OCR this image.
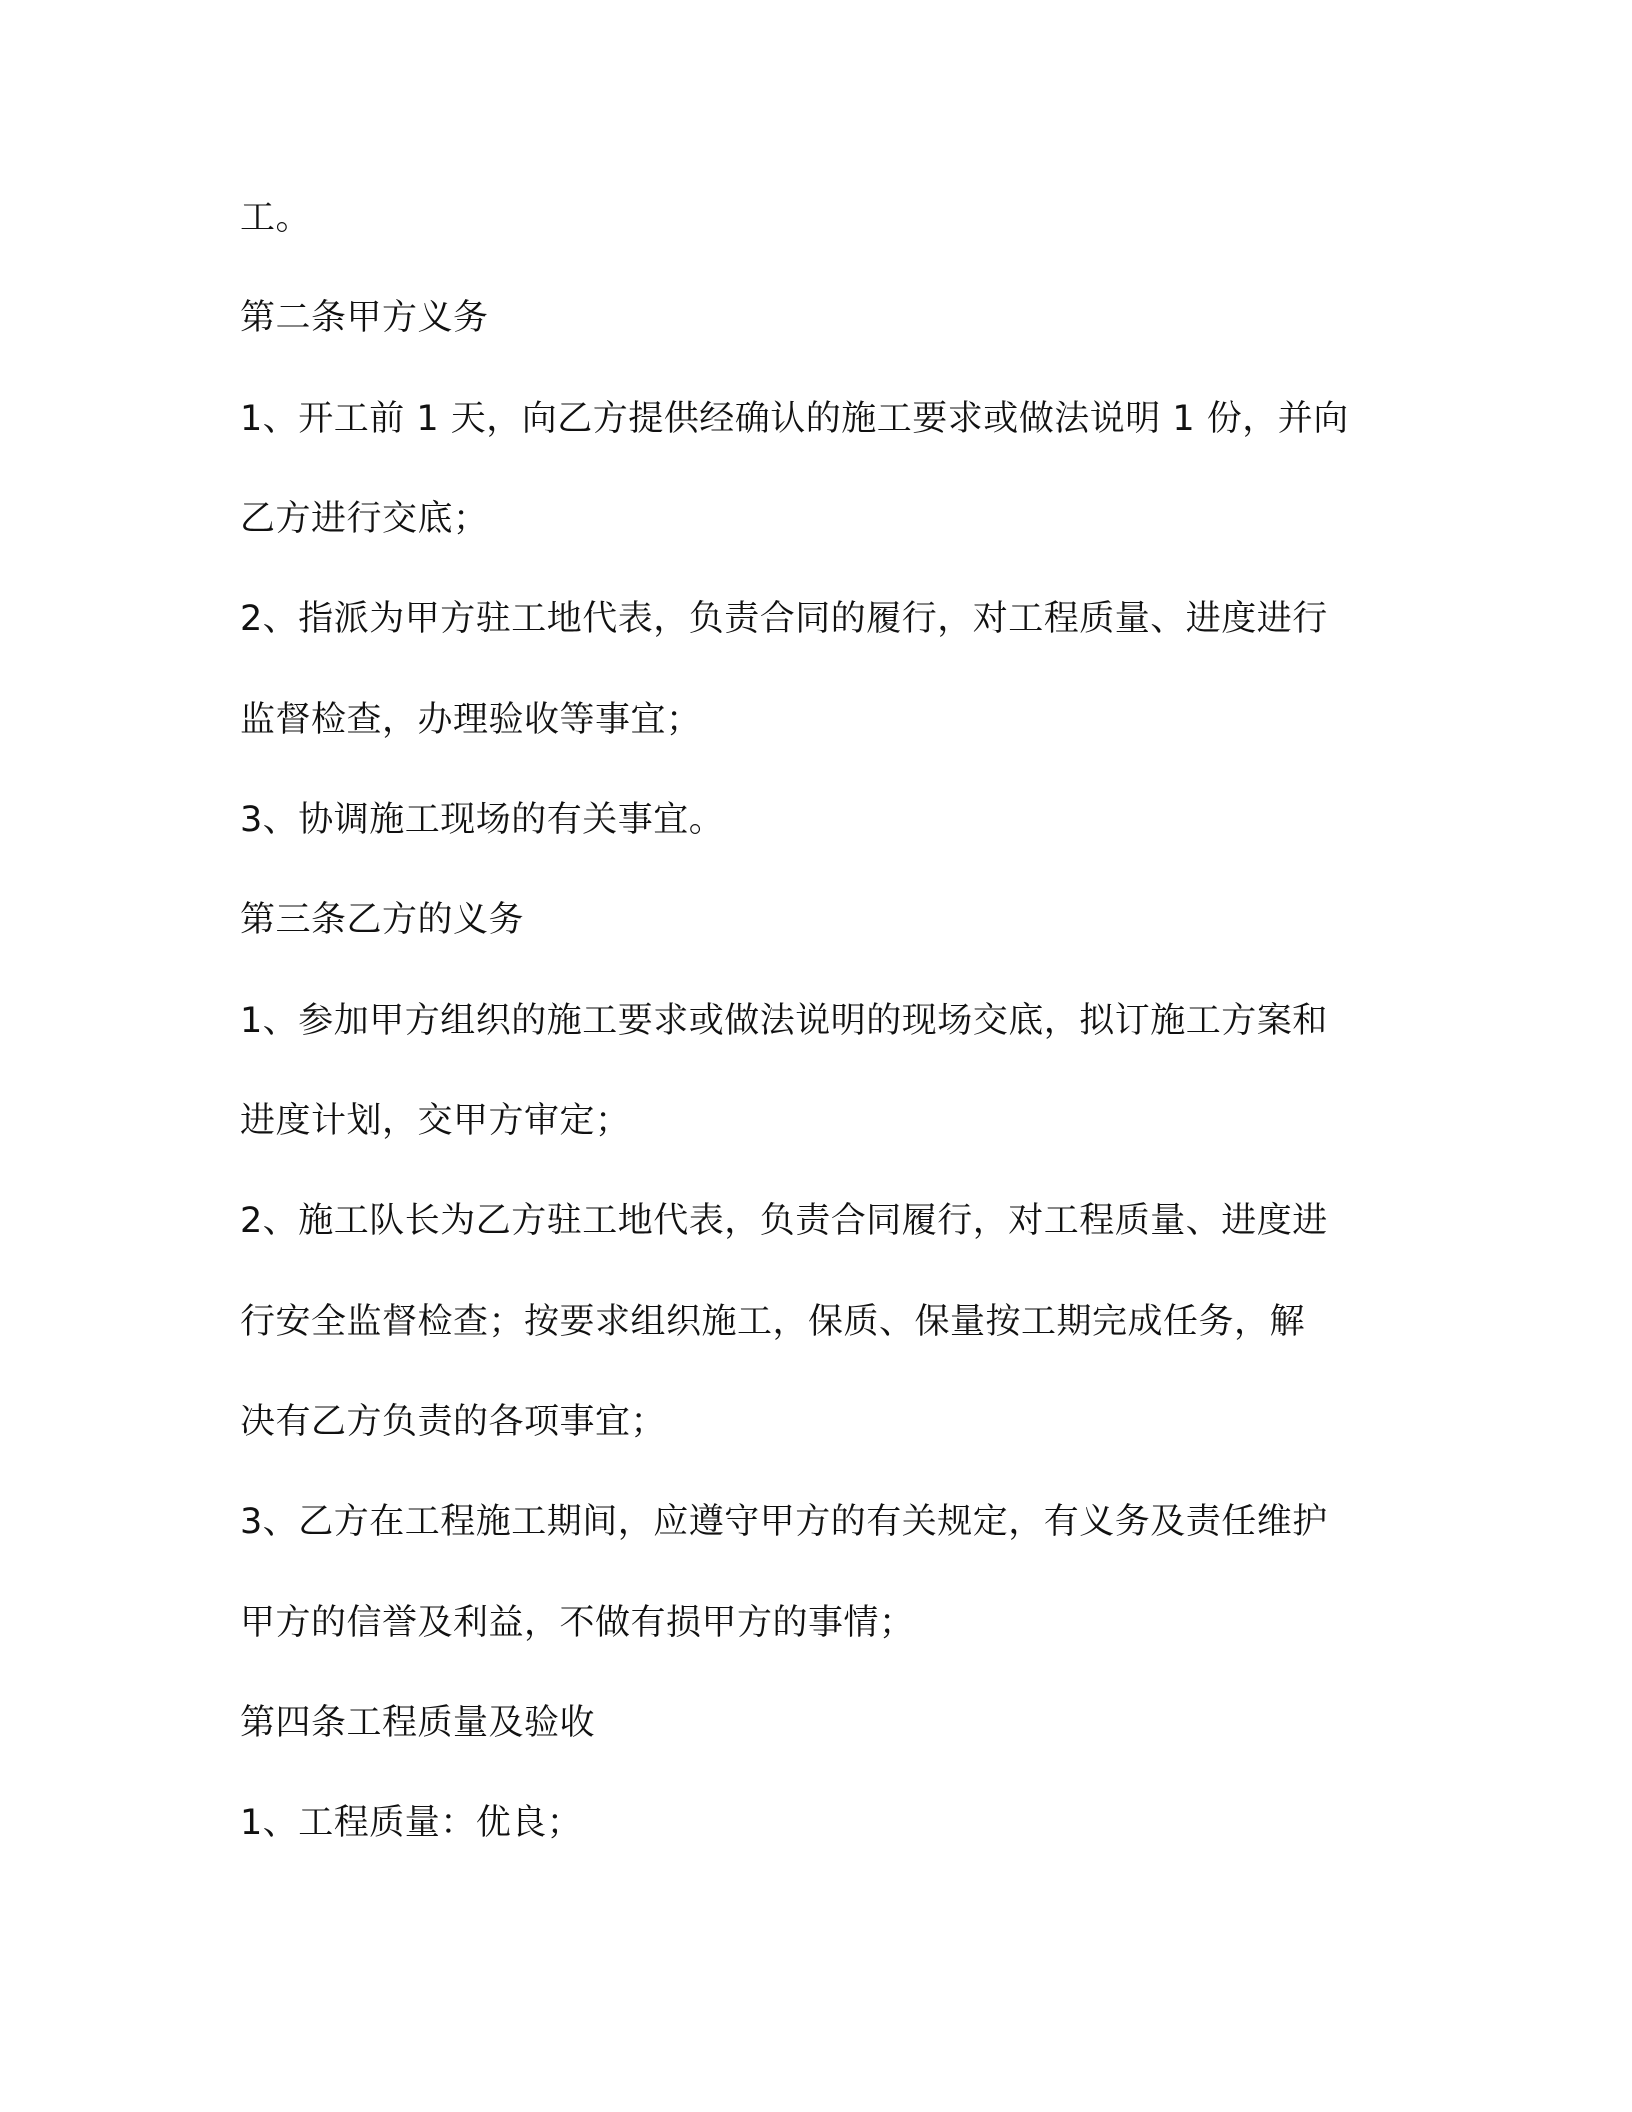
工。
第二条甲方义务
1、开工前 1 天，向乙方提供经确认的施工要求或做法说明 1 份，并向
乙方进行交底；
2、指派为甲方驻工地代表，负责合同的履行，对工程质量、进度进行
监督检查，办理验收等事宜；
3、协调施工现场的有关事宜。
第三条乙方的义务
1、参加甲方组织的施工要求或做法说明的现场交底，拟订施工方案和
进度计划，交甲方审定；
2、施工队长为乙方驻工地代表，负责合同履行，对工程质量、进度进
行安全监督检查；按要求组织施工，保质、保量按工期完成任务，解
决有乙方负责的各项事宜；
3、乙方在工程施工期间，应遵守甲方的有关规定，有义务及责任维护
甲方的信誉及利益，不做有损甲方的事情；
第四条工程质量及验收
1、工程质量：优良；
